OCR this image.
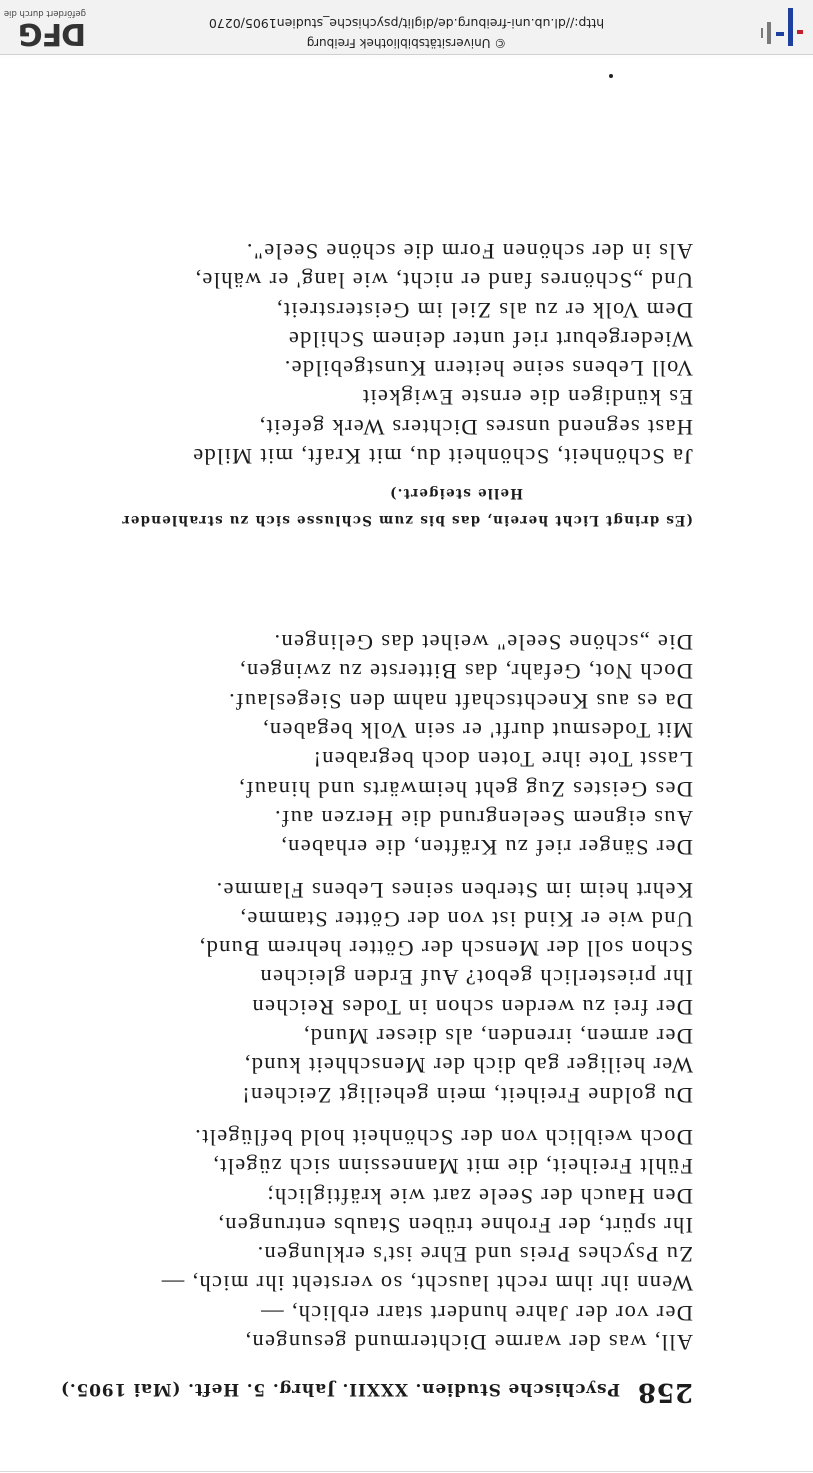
258 Psychische Studien. XXXII. Jahrg. 5. Heft. (Mai 1905.)
All, was der warme Dichtermund gesungen,
Der vor der Jahre hundert starr erblich, —
Wenn ihr ihm recht lauscht, so versteht ihr mich, —
Zu Psyches Preis und Ehre ist's erklungen.
Ihr spürt, der Frohne trüben Staubs entrungen,
Den Hauch der Seele zart wie kräftiglich;
Fühlt Freiheit, die mit Mannessinn sich zügelt,
Doch weiblich von der Schönheit hold beflügelt.
Du goldne Freiheit, mein geheiligt Zeichen!
Wer heiliger gab dich der Menschheit kund,
Der armen, irrenden, als dieser Mund,
Der frei zu werden schon in Todes Reichen
Ihr priesterlich gebot? Auf Erden gleichen
Schon soll der Mensch der Götter hehrem Bund,
Und wie er Kind ist von der Götter Stamme,
Kehrt heim im Sterben seines Lebens Flamme.
Der Sänger rief zu Kräften, die erhaben,
Aus eignem Seelengrund die Herzen auf.
Des Geistes Zug geht heimwärts und hinauf,
Lasst Tote ihre Toten doch begraben!
Mit Todesmut durft' er sein Volk begaben,
Da es aus Knechtschaft nahm den Siegeslauf.
Doch Not, Gefahr, das Bitterste zu zwingen,
Die „schöne Seele" weihet das Gelingen.
(Es dringt Licht herein, das bis zum Schlusse sich zu strahlender
Helle steigert.)
Ja Schönheit, Schönheit du, mit Kraft, mit Milde
Hast segnend unsres Dichters Werk gefeit,
Es kündigen die ernste Ewigkeit
Voll Lebens seine heitern Kunstgebilde.
Wiedergeburt rief unter deinem Schilde
Dem Volk er zu als Ziel im Geisterstreit,
Und „Schönres fand er nicht, wie lang' er wähle,
Als in der schönen Form die schöne Seele".
© Universitätsbibliothek Freiburg
http://dl.ub.uni-freiburg.de/diglit/psychische_studien1905/0270
DFG
gefördert durch die
